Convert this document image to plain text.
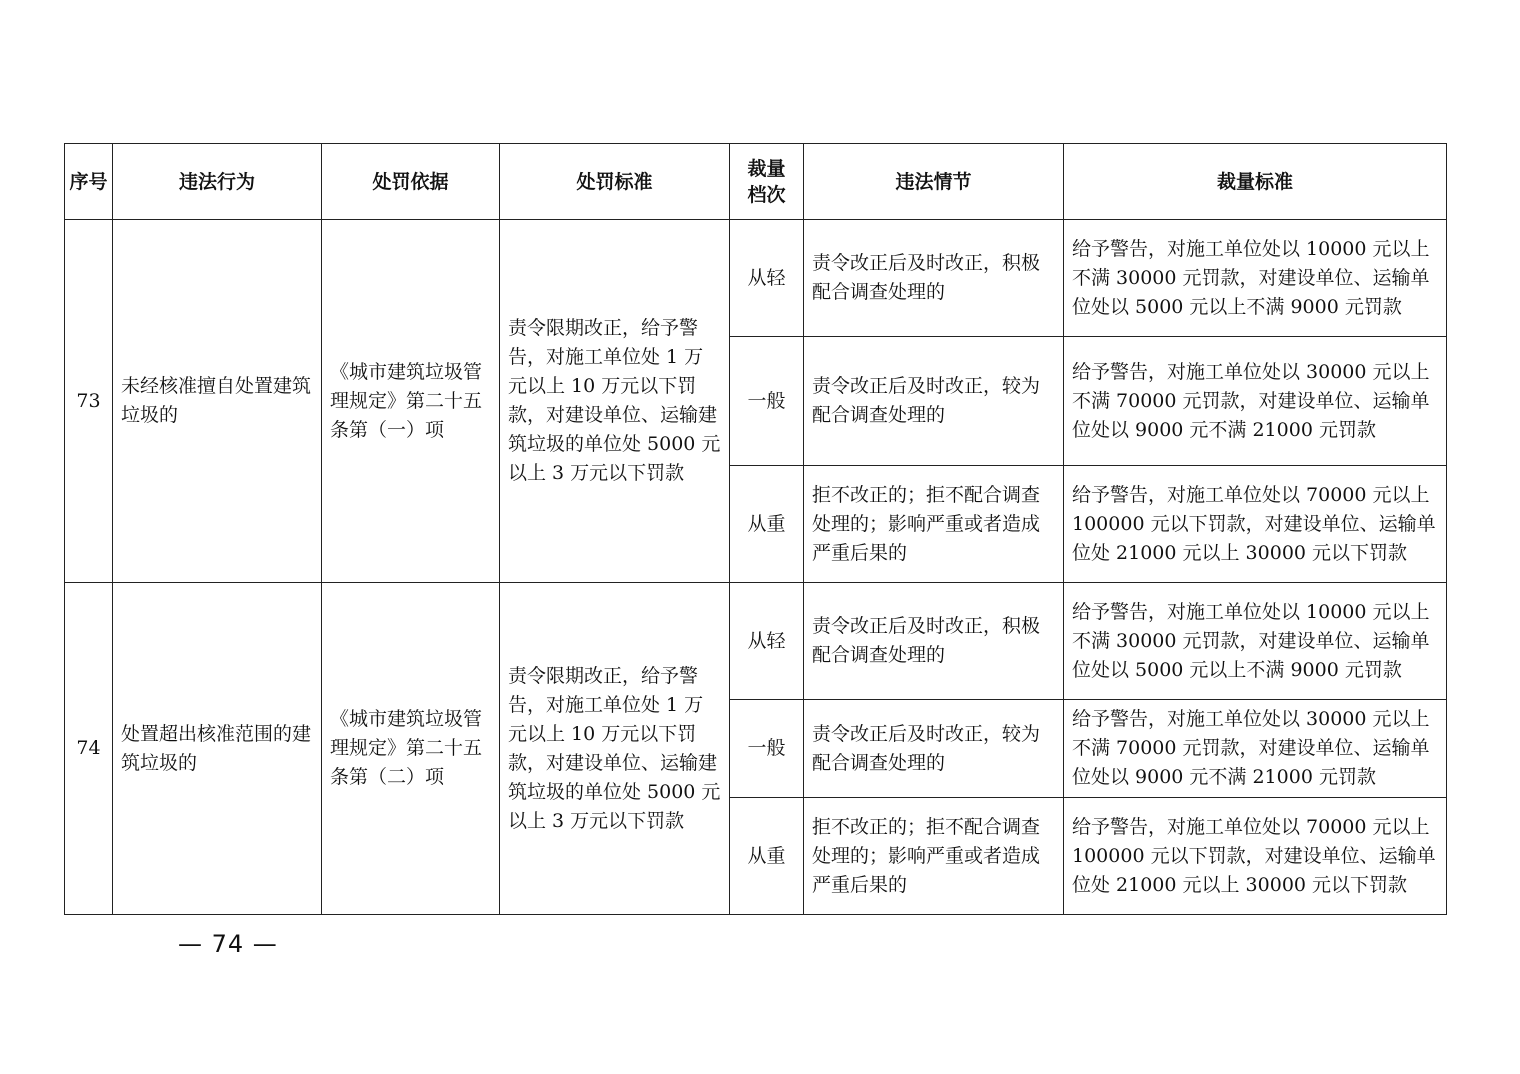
序号	违法行为	处罚依据	处罚标准	裁量档次	违法情节	裁量标准
73	未经核准擅自处置建筑垃圾的	《城市建筑垃圾管理规定》第二十五条第（一）项	责令限期改正，给予警告，对施工单位处 1 万元以上 10 万元以下罚款，对建设单位、运输建筑垃圾的单位处 5000 元以上 3 万元以下罚款	从轻	责令改正后及时改正，积极配合调查处理的	给予警告，对施工单位处以 10000 元以上不满 30000 元罚款，对建设单位、运输单位处以 5000 元以上不满 9000 元罚款
				一般	责令改正后及时改正，较为配合调查处理的	给予警告，对施工单位处以 30000 元以上不满 70000 元罚款，对建设单位、运输单位处以 9000 元不满 21000 元罚款
				从重	拒不改正的；拒不配合调查处理的；影响严重或者造成严重后果的	给予警告，对施工单位处以 70000 元以上 100000 元以下罚款，对建设单位、运输单位处 21000 元以上 30000 元以下罚款
74	处置超出核准范围的建筑垃圾的	《城市建筑垃圾管理规定》第二十五条第（二）项	责令限期改正，给予警告，对施工单位处 1 万元以上 10 万元以下罚款，对建设单位、运输建筑垃圾的单位处 5000 元以上 3 万元以下罚款	从轻	责令改正后及时改正，积极配合调查处理的	给予警告，对施工单位处以 10000 元以上不满 30000 元罚款，对建设单位、运输单位处以 5000 元以上不满 9000 元罚款
				一般	责令改正后及时改正，较为配合调查处理的	给予警告，对施工单位处以 30000 元以上不满 70000 元罚款，对建设单位、运输单位处以 9000 元不满 21000 元罚款
				从重	拒不改正的；拒不配合调查处理的；影响严重或者造成严重后果的	给予警告，对施工单位处以 70000 元以上 100000 元以下罚款，对建设单位、运输单位处 21000 元以上 30000 元以下罚款
— 74 —
